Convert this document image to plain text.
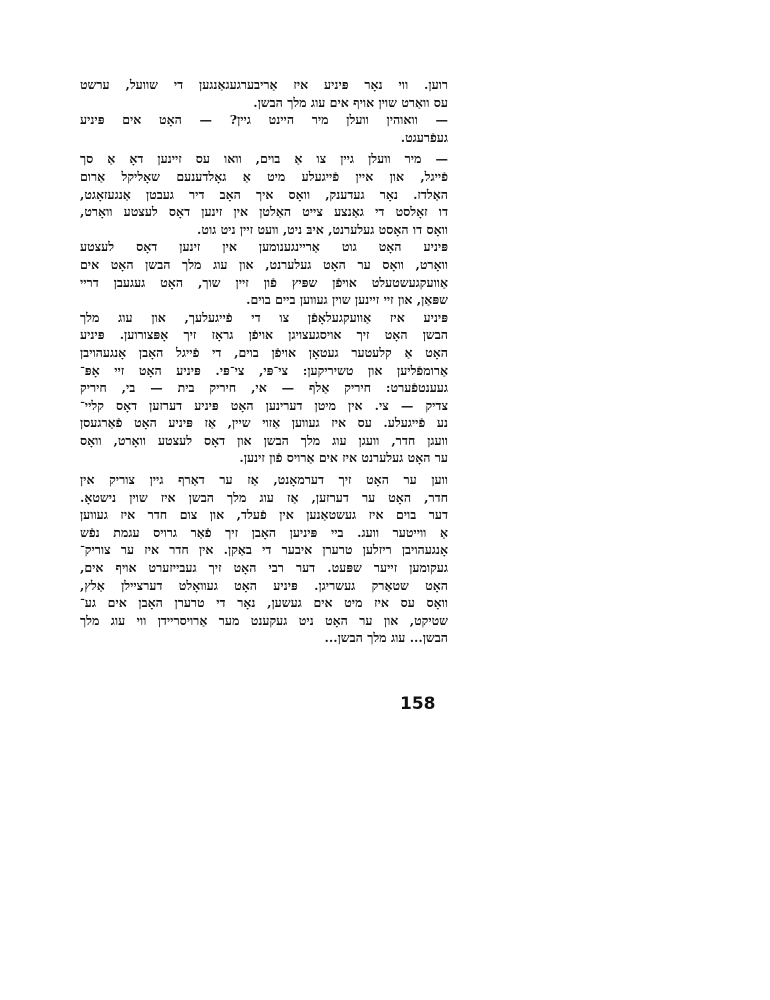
רוען. ווי נאָר פּיניע איז אַריבערגעגאַנגען די שוועל, ערשט
עס וואַרט שוין אויף אים עוג מלך הבשן.

— וואוהין וועלן מיר היינט גיין? — האָט אים פּיניע
געפֿרעגט.

— מיר וועלן גיין צו אַ בוים, וואו עס זיינען דאָ אַ סך
פֿייגל, און איין פֿייגעלע מיט אַ גאָלדענעם שאָליקל אַרום
האַלדז. נאָר געדענק, וואָס איך האָב דיר געבטן אַנגעזאָגט,
דו זאָלסט די גאַנצע צייט האַלטן אין זינען דאָס לעצטע וואָרט,
וואָס דו האָסט געלערנט, איבּ ניט, וועט זיין ניט גוט.

פּיניע האָט גוט אַריינגענומען אין זינען דאָס לעצטע
וואָרט, וואָס ער האָט געלערנט, און עוג מלך הבשן האָט אים
אַוועקגעשטעלט אויפֿן שפּיץ פֿון זיין שוך, האָט געגעבן דריי
שפּאַן, און זיי זיינען שוין געווען ביים בוים.

פּיניע איז אַוועקגעלאָפֿן צו די פֿייגעלעך, און עוג מלך
הבשן האָט זיך אויסגעצויגן אויפֿן גראָז זיך אָפּצורוען. פּיניע
האָט אַ קלעטער געטאָן אויפֿן בוים, די פֿייגל האָבן אָנגעהויבן
אַרומפֿליען און טשיריקען: צי־פּי, צי־פּי. פּיניע האָט זיי אָפּ־
געענטפֿערט: חיריק אַלף — אי, חיריק בית — בי, חיריק
צדיק — צי. אין מיטן דערינען האָט פּיניע דערזען דאָס קליי־
נע פֿייגעלע. עס איז געווען אַזוי שיין, אַז פּיניע האָט פֿאַרגעסן
וועגן חדר, וועגן עוג מלך הבשן און דאָס לעצטע וואָרט, וואָס
ער האָט געלערנט איז אים אַרויס פֿון זינען.

ווען ער האָט זיך דערמאָנט, אַז ער דאַרף גיין צוריק אין
חדר, האָט ער דערזען, אַז עוג מלך הבשן איז שוין נישטאָ.
דער בוים איז געשטאַנען אין פֿעלד, און צום חדר איז געווען
אַ ווייטער וועג. ביי פּיניען האָבן זיך פֿאַר גרויס עגמת נפֿש
אָנגעהויבן ריזלען טרערן איבער די באַקן. אין חדר איז ער צוריק־
געקומען זייער שפּעט. דער רבי האָט זיך געבייזערט אויף אים,
האָט שטאַרק געשריגן. פּיניע האָט געוואָלט דערציילן אַלץ,
וואָס עס איז מיט אים געשען, נאָר די טרערן האָבן אים גע־
שטיקט, און ער האָט ניט געקענט מער אַרויסריידן ווי עוג מלך
הבשן... עוג מלך הבשן...

158
